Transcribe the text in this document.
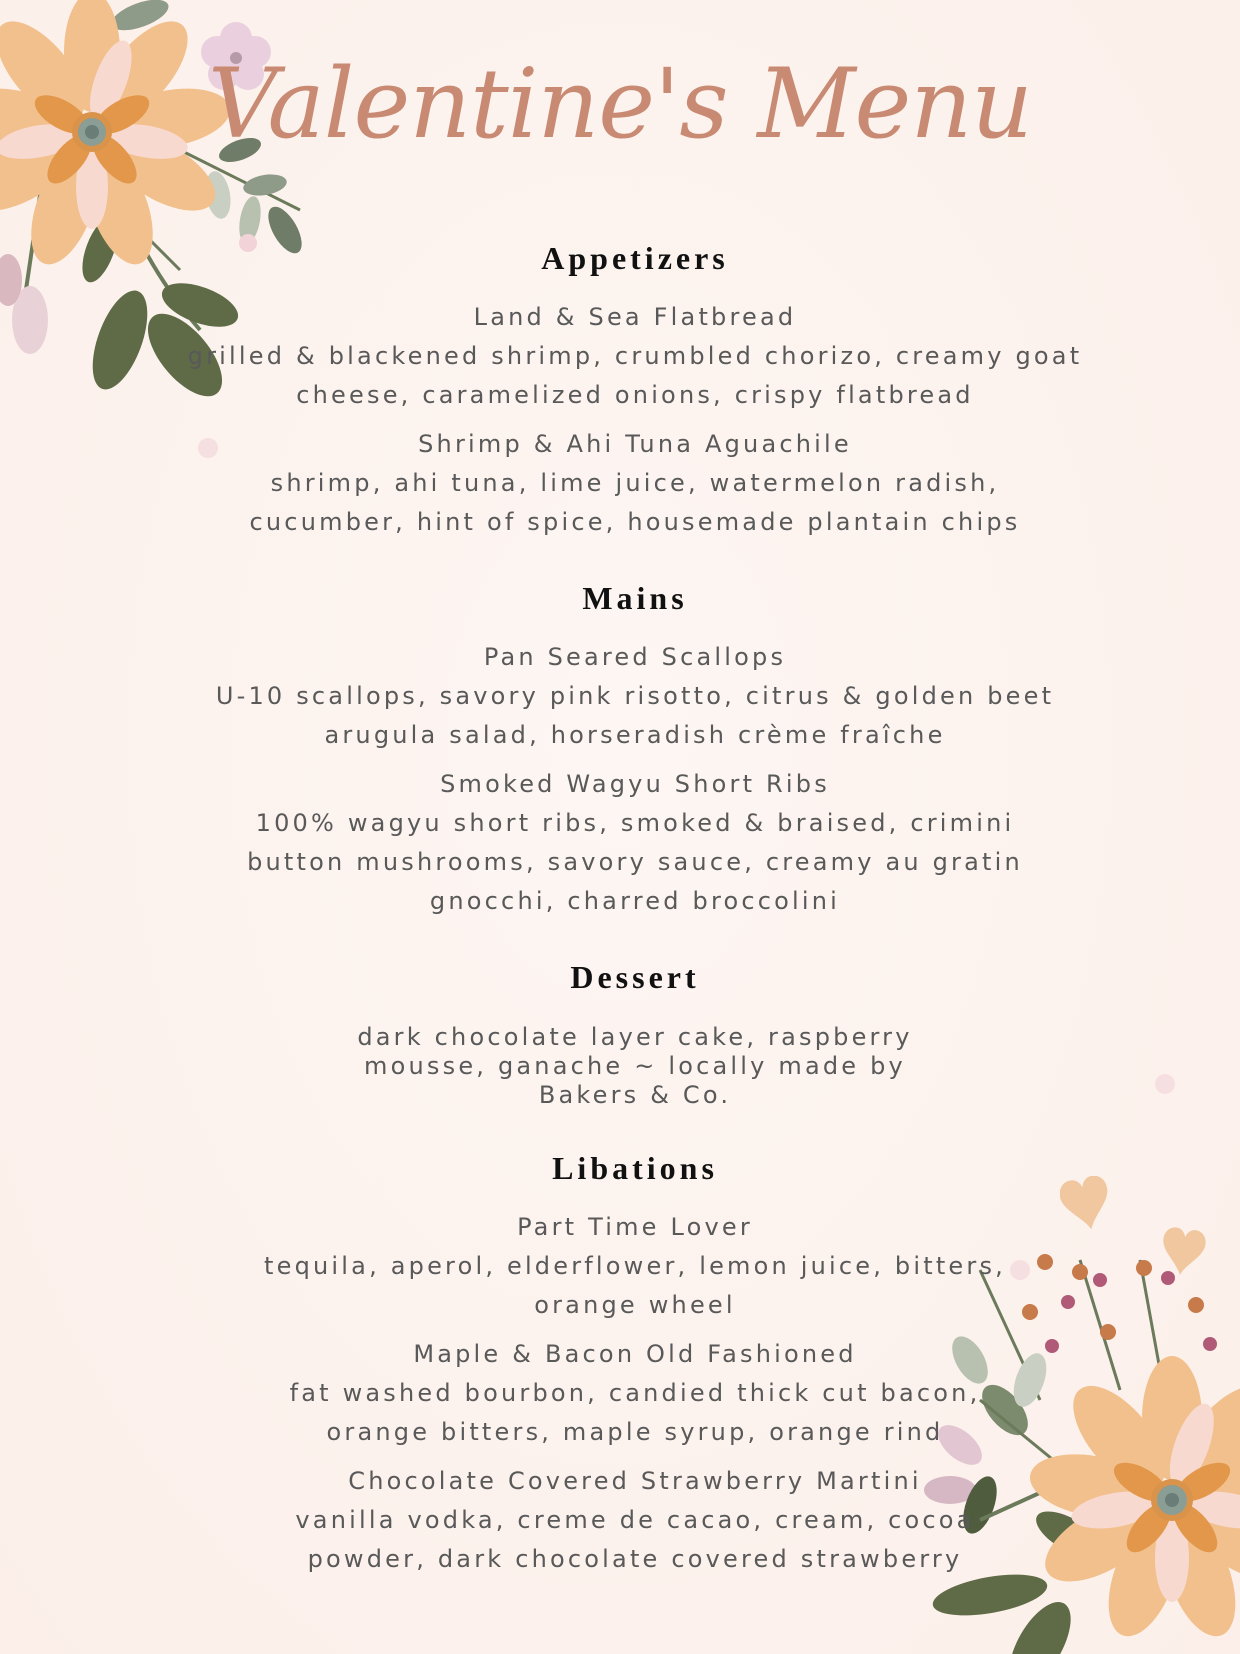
Valentine's Menu
Appetizers
Land & Sea Flatbread
grilled & blackened shrimp, crumbled chorizo, creamy goat cheese, caramelized onions, crispy flatbread
Shrimp & Ahi Tuna Aguachile
shrimp, ahi tuna, lime juice, watermelon radish, cucumber, hint of spice, housemade plantain chips
Mains
Pan Seared Scallops
U-10 scallops, savory pink risotto, citrus & golden beet arugula salad, horseradish crème fraîche
Smoked Wagyu Short Ribs
100% wagyu short ribs, smoked & braised, crimini button mushrooms, savory sauce, creamy au gratin gnocchi, charred broccolini
Dessert
dark chocolate layer cake, raspberry mousse, ganache ~ locally made by Bakers & Co.
Libations
Part Time Lover
tequila, aperol, elderflower, lemon juice, bitters, orange wheel
Maple & Bacon Old Fashioned
fat washed bourbon, candied thick cut bacon, orange bitters, maple syrup, orange rind
Chocolate Covered Strawberry Martini
vanilla vodka, creme de cacao, cream, cocoa powder, dark chocolate covered strawberry
